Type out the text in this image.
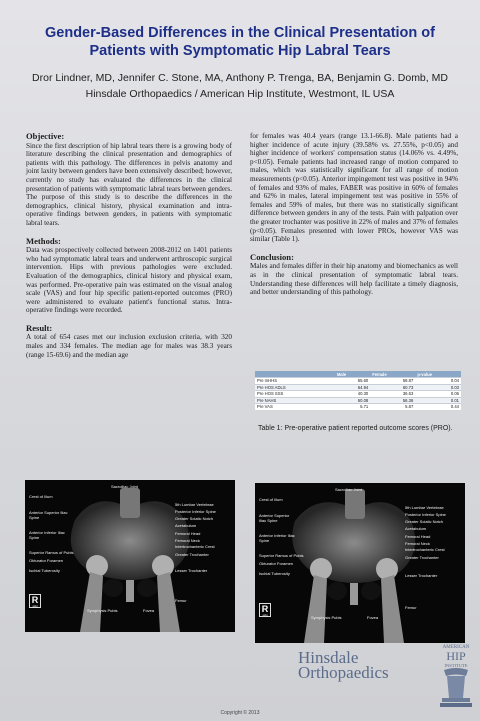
Gender-Based Differences in the Clinical Presentation of Patients with Symptomatic Hip Labral Tears
Dror Lindner, MD, Jennifer C. Stone, MA, Anthony P. Trenga, BA, Benjamin G. Domb, MD
Hinsdale Orthopaedics / American Hip Institute, Westmont, IL USA
Objective:
Since the first description of hip labral tears there is a growing body of literature describing the clinical presentation and demographics of patients with this pathology. The differences in pelvis anatomy and joint laxity between genders have been extensively described; however, currently no study has evaluated the differences in the clinical presentation of patients with symptomatic labral tears between genders. The purpose of this study is to describe the differences in the demographics, clinical history, physical examination and intra-operative findings between genders, in patients with symptomatic labral tears.
Methods:
Data was prospectively collected between 2008-2012 on 1401 patients who had symptomatic labral tears and underwent arthroscopic surgical intervention. Hips with previous pathologies were excluded. Evaluation of the demographics, clinical history and physical exam, was performed. Pre-operative pain was estimated on the visual analog scale (VAS) and four hip specific patient-reported outcomes (PRO) were administered to evaluate patient's functional status. Intra-operative findings were recorded.
Result:
A total of 654 cases met our inclusion exclusion criteria, with 320 males and 334 females. The median age for males was 38.3 years (range 15-69.6) and the median age
for females was 40.4 years (range 13.1-66.8). Male patients had a higher incidence of acute injury (39.58% vs. 27.55%, p<0.05) and higher incidence of workers' compensation status (14.06% vs. 4.49%, p<0.05). Female patients had increased range of motion compared to males, which was statistically significant for all range of motion measurements (p<0.05). Anterior impingement test was positive in 94% of females and 93% of males, FABER was positive in 60% of females and 62% in males, lateral impingement test was positive in 55% of females and 59% of males, but there was no statistically significant difference between genders in any of the tests. Pain with palpation over the greater trochanter was positive in 22% of males and 37% of females (p<0.05). Females presented with lower PROs, however VAS was similar (Table 1).
Conclusion:
Males and females differ in their hip anatomy and biomechanics as well as in the clinical presentation of symptomatic labral tears. Understanding these differences will help facilitate a timely diagnosis, and better understanding of this pathology.
	Male	Female	p-value
Pre mHHS	65.60	58.87	0.04
Pre HOS ADLS	64.94	60.73	0.03
Pre HOS SSS	40.30	36.63	0.06
Pre NAHS	60.08	56.36	0.01
Pre VAS	5.71	5.87	0.44
Table 1: Pre-operative patient reported outcome scores (PRO).
Sacroiliac Joint
Crest of Ilium
5th Lumbar Vertebrae
Posterior Inferior Spine
Anterior Superior Iliac Spine	Greater Sciatic Notch
Acetabulum
Anterior Inferior Iliac Spine
Femoral Head
Femoral Neck
Intertrochanteric Crest
Superior Ramus of Pubis	Greater Trochanter
Obturator Foramen
Ischial Tuberosity	Lesser Trochanter
Symphysis Pubis	Fovea
Femur
R
wiki
Sacroiliac Joint
Crest of Ilium
5th Lumbar Vertebrae
Posterior Inferior Spine
Anterior Superior Iliac Spine	Greater Sciatic Notch
Acetabulum
Anterior Inferior Iliac Spine
Femoral Head
Femoral Neck
Intertrochanteric Crest
Superior Ramus of Pubis	Greater Trochanter
Obturator Foramen
Ischial Tuberosity	Lesser Trochanter
Symphysis Pubis	Fovea
Femur
R
wiki
Hinsdale
Orthopaedics
AMERICAN
HIP
INSTITUTE
Copyright © 2013
